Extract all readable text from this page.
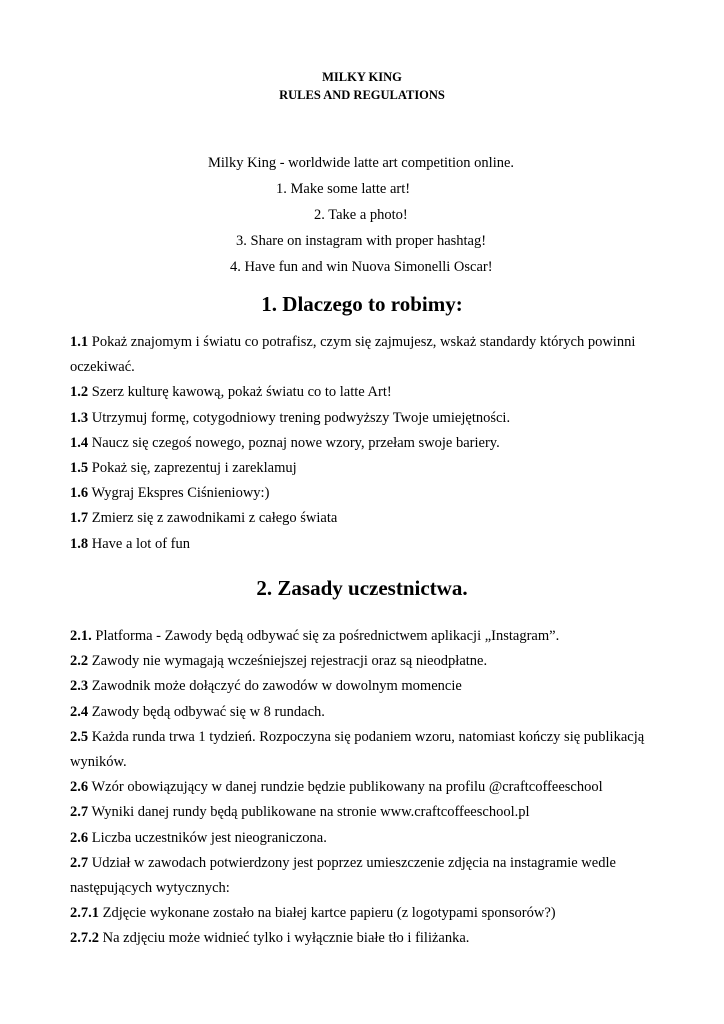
MILKY KING
RULES AND REGULATIONS
Milky King - worldwide latte art competition online.
1. Make some latte art!
2. Take a photo!
3. Share on instagram with proper hashtag!
4. Have fun and win Nuova Simonelli Oscar!
1. Dlaczego to robimy:
1.1 Pokaż znajomym i światu co potrafisz, czym się zajmujesz, wskaż standardy których powinni oczekiwać.
1.2 Szerz kulturę kawową, pokaż światu co to latte Art!
1.3 Utrzymuj formę, cotygodniowy trening podwyższy Twoje umiejętności.
1.4 Naucz się czegoś nowego, poznaj nowe wzory, przełam swoje bariery.
1.5 Pokaż się, zaprezentuj i zareklamuj
1.6 Wygraj Ekspres Ciśnieniowy:)
1.7 Zmierz się z zawodnikami z całego świata
1.8 Have a lot of fun
2. Zasady uczestnictwa.
2.1. Platforma - Zawody będą odbywać się za pośrednictwem aplikacji „Instagram”.
2.2 Zawody nie wymagają wcześniejszej rejestracji oraz są nieodpłatne.
2.3 Zawodnik może dołączyć do zawodów w dowolnym momencie
2.4 Zawody będą odbywać się w 8 rundach.
2.5 Każda runda trwa 1 tydzień. Rozpoczyna się podaniem wzoru, natomiast kończy się publikacją wyników.
2.6 Wzór obowiązujący w danej rundzie będzie publikowany na profilu @craftcoffeeschool
2.7 Wyniki danej rundy będą publikowane na stronie www.craftcoffeeschool.pl
2.6 Liczba uczestników jest nieograniczona.
2.7 Udział w zawodach potwierdzony jest poprzez umieszczenie zdjęcia na instagramie wedle następujących wytycznych:
2.7.1 Zdjęcie wykonane zostało na białej kartce papieru (z logotypami sponsorów?)
2.7.2 Na zdjęciu może widnieć tylko i wyłącznie białe tło i filiżanka.
